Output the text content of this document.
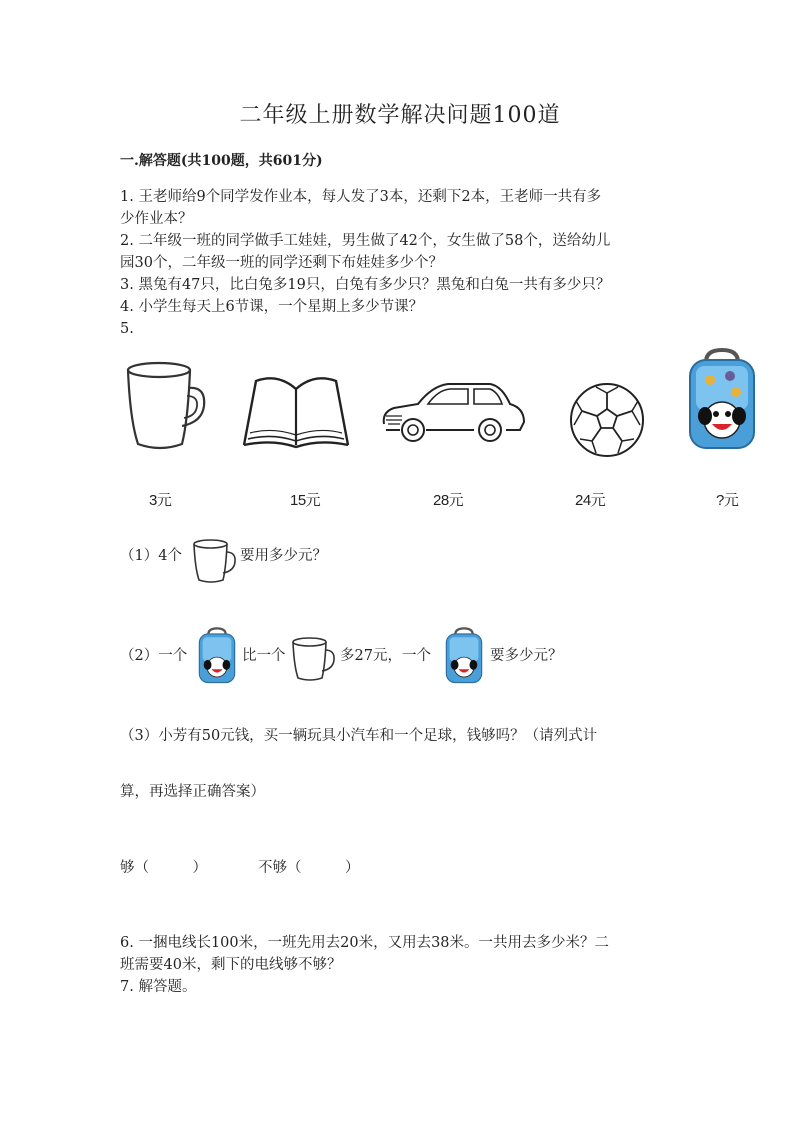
二年级上册数学解决问题100道
一.解答题(共100题，共601分)
1. 王老师给9个同学发作业本，每人发了3本，还剩下2本，王老师一共有多
少作业本？
2. 二年级一班的同学做手工娃娃，男生做了42个，女生做了58个，送给幼儿
园30个，二年级一班的同学还剩下布娃娃多少个？
3. 黑兔有47只，比白兔多19只，白兔有多少只？黑兔和白兔一共有多少只？
4. 小学生每天上6节课，一个星期上多少节课？
5.
3元	15元	28元	24元	?元
（1）4个	要用多少元？
（2）一个	比一个	多27元，一个	要多少元？
（3）小芳有50元钱，买一辆玩具小汽车和一个足球，钱够吗？（请列式计
算，再选择正确答案）
够（　　　）	不够（　　　）
6. 一捆电线长100米，一班先用去20米，又用去38米。一共用去多少米？二
班需要40米，剩下的电线够不够？
7. 解答题。
